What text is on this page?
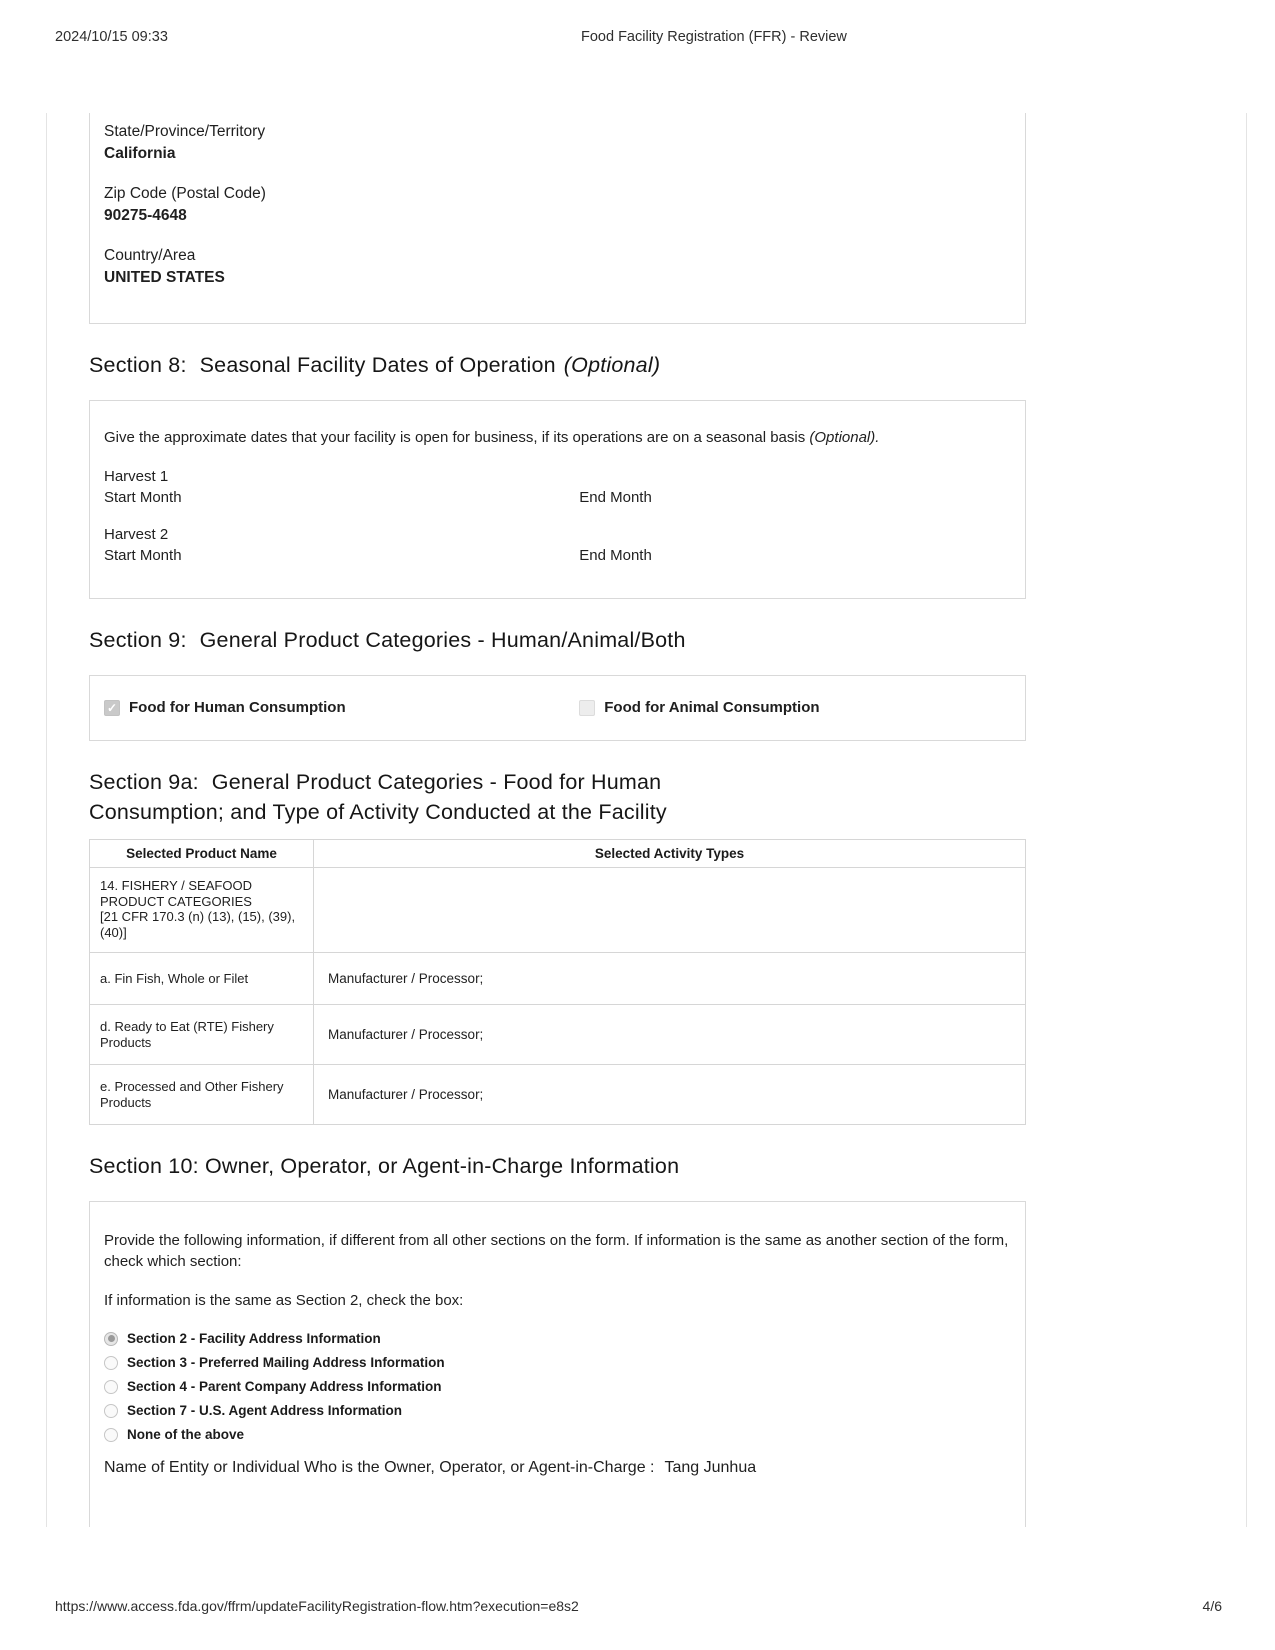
2024/10/15 09:33	Food Facility Registration (FFR) - Review
State/Province/Territory
California
Zip Code (Postal Code)
90275-4648
Country/Area
UNITED STATES
Section 8: Seasonal Facility Dates of Operation (Optional)

Give the approximate dates that your facility is open for business, if its operations are on a seasonal basis (Optional).

Harvest 1
Start Month	End Month
Harvest 2
Start Month	End Month
Section 9: General Product Categories - Human/Animal/Both
✓
Food for Human Consumption	Food for Animal Consumption
Section 9a: General Product Categories - Food for Human
Consumption; and Type of Activity Conducted at the Facility
Selected Product Name	Selected Activity Types

14. FISHERY / SEAFOOD PRODUCT CATEGORIES
[21 CFR 170.3 (n) (13), (15), (39), (40)]	

a. Fin Fish, Whole or Filet	Manufacturer / Processor;
d. Ready to Eat (RTE) Fishery Products	Manufacturer / Processor;
e. Processed and Other Fishery Products	Manufacturer / Processor;
Section 10: Owner, Operator, or Agent-in-Charge Information

Provide the following information, if different from all other sections on the form. If information is the same as another section of the form, check which section:

If information is the same as Section 2, check the box:

Section 2 - Facility Address Information
Section 3 - Preferred Mailing Address Information
Section 4 - Parent Company Address Information
Section 7 - U.S. Agent Address Information
None of the above
Name of Entity or Individual Who is the Owner, Operator, or Agent-in-Charge : Tang Junhua
https://www.access.fda.gov/ffrm/updateFacilityRegistration-flow.htm?execution=e8s2	4/6
